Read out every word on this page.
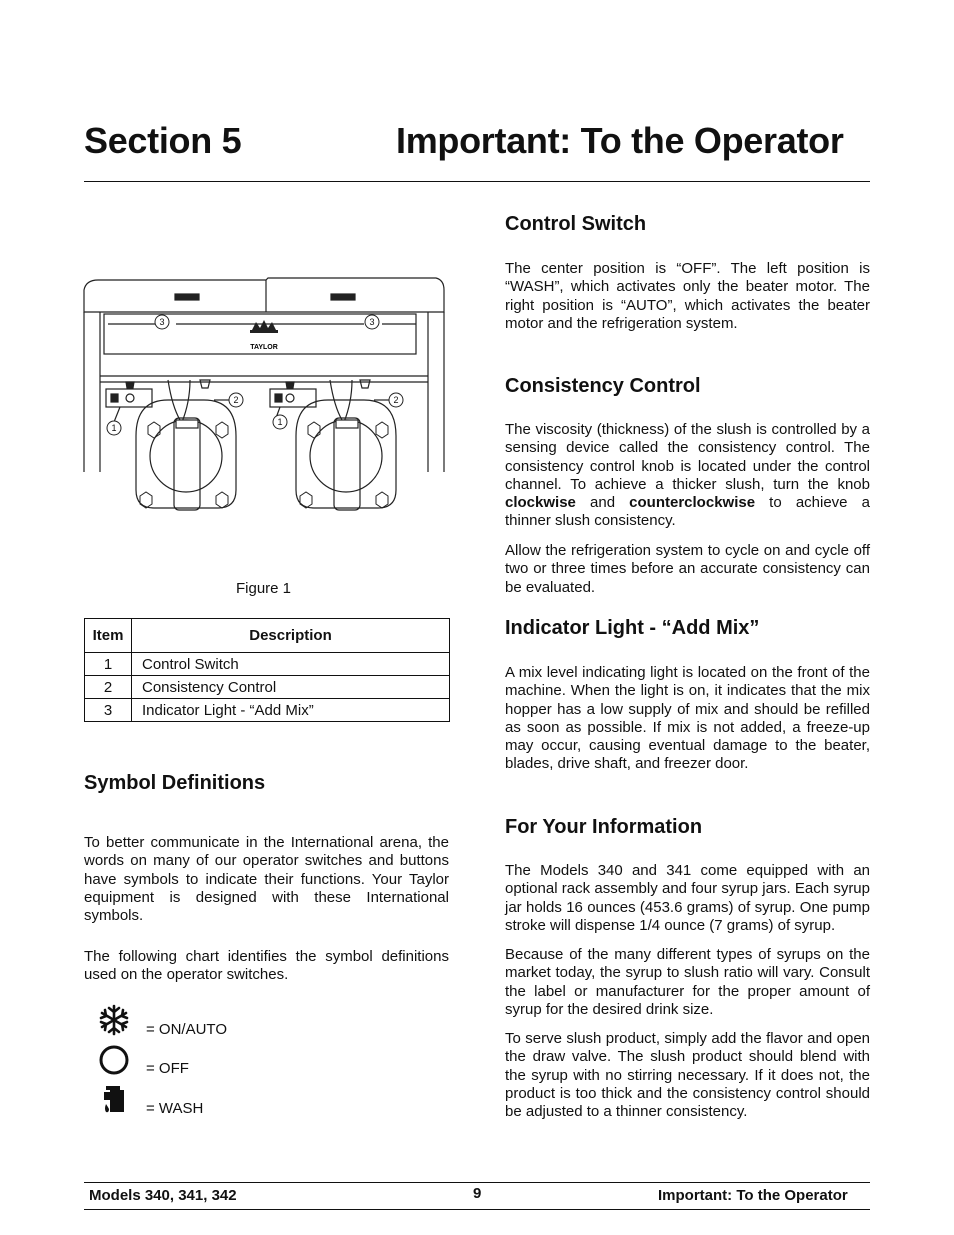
Section 5	Important: To the Operator
TAYLOR
3	3
2	2
1
1
Figure 1
Item	Description
1	Control Switch
2	Consistency Control
3	Indicator Light - “Add Mix”
Symbol Definitions

To better communicate in the International arena, the words on many of our operator switches and buttons have symbols to indicate their functions. Your Taylor equipment is designed with these International symbols.

The following chart identifies the symbol definitions used on the operator switches.

= ON/AUTO
= OFF
= WASH
Control Switch

The center position is “OFF”. The left position is “WASH”, which activates only the beater motor. The right position is “AUTO”, which activates the beater motor and the refrigeration system.

Consistency Control

The viscosity (thickness) of the slush is controlled by a sensing device called the consistency control. The consistency control knob is located under the control channel. To achieve a thicker slush, turn the knob clockwise and counterclockwise to achieve a thinner slush consistency.

Allow the refrigeration system to cycle on and cycle off two or three times before an accurate consistency can be evaluated.

Indicator Light - “Add Mix”

A mix level indicating light is located on the front of the machine. When the light is on, it indicates that the mix hopper has a low supply of mix and should be refilled as soon as possible. If mix is not added, a freeze-up may occur, causing eventual damage to the beater, blades, drive shaft, and freezer door.

For Your Information

The Models 340 and 341 come equipped with an optional rack assembly and four syrup jars. Each syrup jar holds 16 ounces (453.6 grams) of syrup. One pump stroke will dispense 1/4 ounce (7 grams) of syrup.

Because of the many different types of syrups on the market today, the syrup to slush ratio will vary. Consult the label or manufacturer for the proper amount of syrup for the desired drink size.

To serve slush product, simply add the flavor and open the draw valve. The slush product should blend with the syrup with no stirring necessary. If it does not, the product is too thick and the consistency control should be adjusted to a thinner consistency.

Models 340, 341, 342	9	Important: To the Operator
